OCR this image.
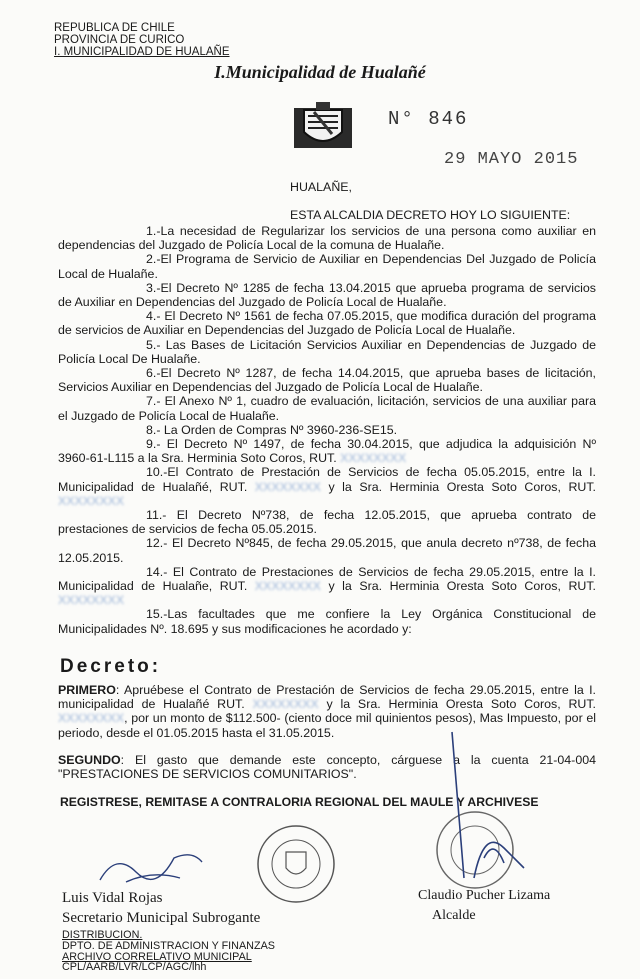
REPUBLICA DE CHILE
PROVINCIA DE CURICO
I. MUNICIPALIDAD DE HUALAÑE
I.Municipalidad de Hualañé
N° 846
29 MAYO 2015
HUALAÑE,
ESTA ALCALDIA DECRETO HOY LO SIGUIENTE:

1.-La necesidad de Regularizar los servicios de una persona como auxiliar en dependencias del Juzgado de Policía Local de la comuna de Hualañe.

2.-El Programa de Servicio de Auxiliar en Dependencias Del Juzgado de Policía Local de Hualañe.

3.-El Decreto Nº 1285 de fecha 13.04.2015 que aprueba programa de servicios de Auxiliar en Dependencias del Juzgado de Policía Local de Hualañe.

4.- El Decreto Nº 1561 de fecha 07.05.2015, que modifica duración del programa de servicios de Auxiliar en Dependencias del Juzgado de Policía Local de Hualañe.

5.- Las Bases de Licitación Servicios Auxiliar en Dependencias de Juzgado de Policía Local De Hualañe.

6.-El Decreto Nº 1287, de fecha 14.04.2015, que aprueba bases de licitación, Servicios Auxiliar en Dependencias del Juzgado de Policía Local de Hualañe.

7.- El Anexo Nº 1, cuadro de evaluación, licitación, servicios de una auxiliar para el Juzgado de Policía Local de Hualañe.

8.- La Orden de Compras Nº 3960-236-SE15.

9.- El Decreto Nº 1497, de fecha 30.04.2015, que adjudica la adquisición Nº 3960-61-L115 a la Sra. Herminia Soto Coros, RUT. XXXXXXXX

10.-El Contrato de Prestación de Servicios de fecha 05.05.2015, entre la I. Municipalidad de Hualañé, RUT. XXXXXXXX y la Sra. Herminia Oresta Soto Coros, RUT. XXXXXXXX

11.- El Decreto Nº738, de fecha 12.05.2015, que aprueba contrato de prestaciones de servicios de fecha 05.05.2015.

12.- El Decreto Nº845, de fecha 29.05.2015, que anula decreto nº738, de fecha 12.05.2015.

14.- El Contrato de Prestaciones de Servicios de fecha 29.05.2015, entre la I. Municipalidad de Hualañe, RUT. XXXXXXXX y la Sra. Herminia Oresta Soto Coros, RUT. XXXXXXXX

15.-Las facultades que me confiere la Ley Orgánica Constitucional de Municipalidades Nº. 18.695 y sus modificaciones he acordado y:

Decreto:
PRIMERO: Apruébese el Contrato de Prestación de Servicios de fecha 29.05.2015, entre la I. municipalidad de Hualañé RUT. XXXXXXXX y la Sra. Herminia Oresta Soto Coros, RUT. XXXXXXXX, por un monto de $112.500- (ciento doce mil quinientos pesos), Mas Impuesto, por el periodo, desde el 01.05.2015 hasta el 31.05.2015.
SEGUNDO: El gasto que demande este concepto, cárguese a la cuenta 21-04-004 "PRESTACIONES DE SERVICIOS COMUNITARIOS".
REGISTRESE, REMITASE A CONTRALORIA REGIONAL DEL MAULE Y ARCHIVESE
Luis Vidal Rojas
Secretario Municipal Subrogante
Claudio Pucher Lizama
Alcalde
DISTRIBUCION.
DPTO. DE ADMINISTRACION Y FINANZAS
ARCHIVO CORRELATIVO MUNICIPAL
CPL/AARB/LVR/LCP/AGC/lhh
